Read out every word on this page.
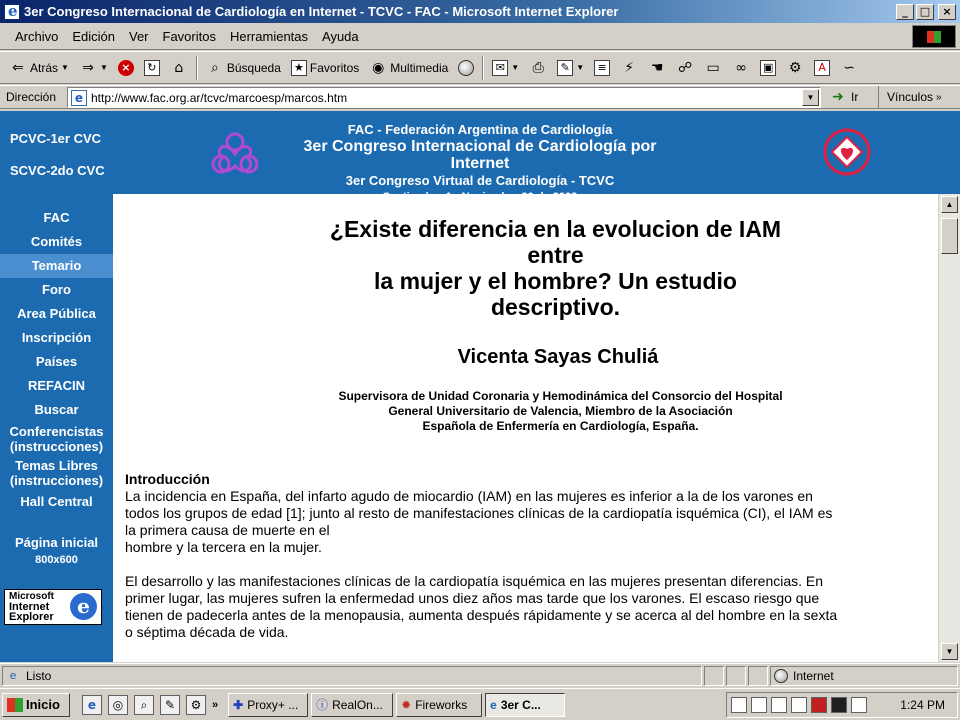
e
3er Congreso Internacional de Cardiología en Internet - TCVC - FAC - Microsoft Internet Explorer	_	□	×
Archivo	Edición	Ver	Favoritos	Herramientas	Ayuda
⇐ Atrás ▼ ⇒ ▼	×	↻	⌂	⌕ Búsqueda ★ Favoritos ◉ Multimedia	✉ ▼ ⎙	✎ ▼	≡ ⚡ ☚ ☍ ▭ ∞ ▣ ⚙	A	∽
Dirección	e
http://www.fac.org.ar/tcvc/marcoesp/marcos.htm	▼	➜ Ir Vínculos »
PCVC-1er CVC
SCVC-2do CVC
FAC - Federación Argentina de Cardiología
3er Congreso Internacional de Cardiología por Internet
3er Congreso Virtual de Cardiología - TCVC
FAC
Comités
Temario
Foro
Area Pública
Inscripción
Países
REFACIN
Buscar
Conferencistas
(instrucciones)
Temas Libres
(instrucciones)
Hall Central
Página inicial
800x600
Microsoft
Internet
Explorer	e
¿Existe diferencia en la evolucion de IAM
entre
la mujer y el hombre? Un estudio
descriptivo.
Vicenta Sayas Chuliá
Supervisora de Unidad Coronaria y Hemodinámica del Consorcio del Hospital
General Universitario de Valencia, Miembro de la Asociación
Española de Enfermería en Cardiología, España.
Introducción
La incidencia en España, del infarto agudo de miocardio (IAM) en las mujeres es inferior a la de los varones en
todos los grupos de edad [1]; junto al resto de manifestaciones clínicas de la cardiopatía isquémica (CI), el IAM es
la primera causa de muerte en el
hombre y la tercera en la mujer.
El desarrollo y las manifestaciones clínicas de la cardiopatía isquémica en las mujeres presentan diferencias. En
primer lugar, las mujeres sufren la enfermedad unos diez años mas tarde que los varones. El escaso riesgo que
tienen de padecerla antes de la menopausia, aumenta después rápidamente y se acerca al del hombre en la sexta
o séptima década de vida.
▲
▼
e Listo	Internet
Inicio	e	◎	⌕	✎	⚙ » ✚ Proxy+ ... ⓘ RealOn... ✹ Fireworks e 3er C...	1:24 PM
